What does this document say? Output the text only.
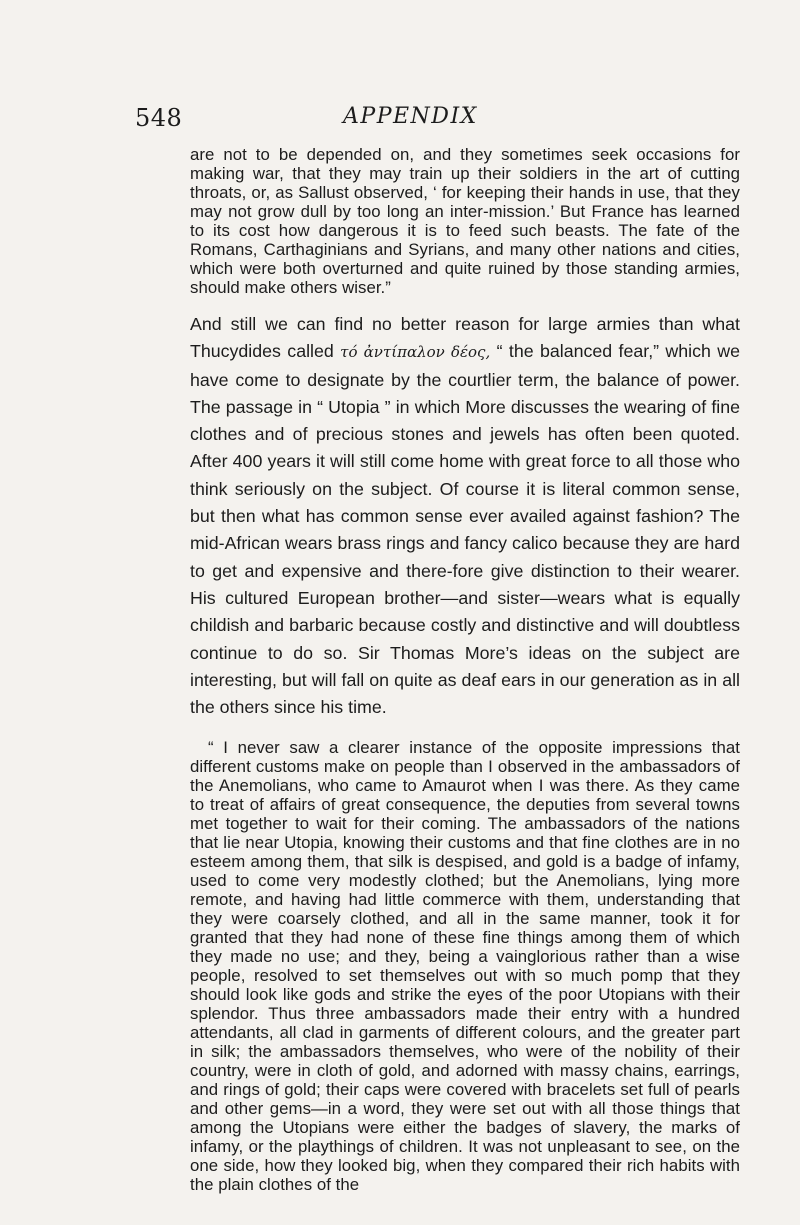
548	APPENDIX

are not to be depended on, and they sometimes seek occasions for making war, that they may train up their soldiers in the art of cutting throats, or, as Sallust observed, ‘ for keeping their hands in use, that they may not grow dull by too long an inter-mission.’ But France has learned to its cost how dangerous it is to feed such beasts. The fate of the Romans, Carthaginians and Syrians, and many other nations and cities, which were both overturned and quite ruined by those standing armies, should make others wiser.”

And still we can find no better reason for large armies than what Thucydides called τό ἀντίπαλον δέος, “ the balanced fear,” which we have come to designate by the courtlier term, the balance of power. The passage in “ Utopia ” in which More discusses the wearing of fine clothes and of precious stones and jewels has often been quoted. After 400 years it will still come home with great force to all those who think seriously on the subject. Of course it is literal common sense, but then what has common sense ever availed against fashion? The mid-African wears brass rings and fancy calico because they are hard to get and expensive and there-fore give distinction to their wearer. His cultured European brother—and sister—wears what is equally childish and barbaric because costly and distinctive and will doubtless continue to do so. Sir Thomas More’s ideas on the subject are interesting, but will fall on quite as deaf ears in our generation as in all the others since his time.

“ I never saw a clearer instance of the opposite impressions that different customs make on people than I observed in the ambassadors of the Anemolians, who came to Amaurot when I was there. As they came to treat of affairs of great consequence, the deputies from several towns met together to wait for their coming. The ambassadors of the nations that lie near Utopia, knowing their customs and that fine clothes are in no esteem among them, that silk is despised, and gold is a badge of infamy, used to come very modestly clothed; but the Anemolians, lying more remote, and having had little commerce with them, understanding that they were coarsely clothed, and all in the same manner, took it for granted that they had none of these fine things among them of which they made no use; and they, being a vainglorious rather than a wise people, resolved to set themselves out with so much pomp that they should look like gods and strike the eyes of the poor Utopians with their splendor. Thus three ambassadors made their entry with a hundred attendants, all clad in garments of different colours, and the greater part in silk; the ambassadors themselves, who were of the nobility of their country, were in cloth of gold, and adorned with massy chains, earrings, and rings of gold; their caps were covered with bracelets set full of pearls and other gems—in a word, they were set out with all those things that among the Utopians were either the badges of slavery, the marks of infamy, or the playthings of children. It was not unpleasant to see, on the one side, how they looked big, when they compared their rich habits with the plain clothes of the
